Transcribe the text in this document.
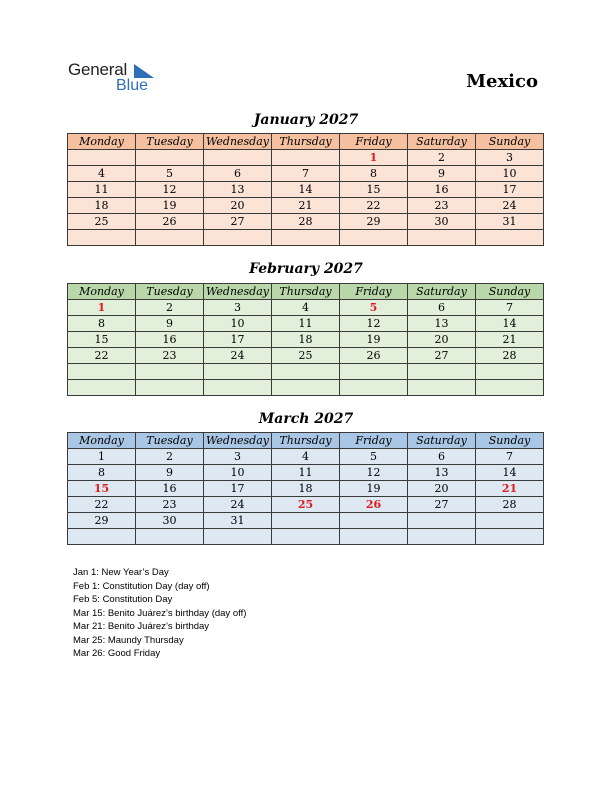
General
Blue	Mexico
January 2027
Monday	Tuesday	Wednesday	Thursday	Friday	Saturday	Sunday
				1	2	3
4	5	6	7	8	9	10
11	12	13	14	15	16	17
18	19	20	21	22	23	24
25	26	27	28	29	30	31

February 2027
Monday	Tuesday	Wednesday	Thursday	Friday	Saturday	Sunday
1	2	3	4	5	6	7
8	9	10	11	12	13	14
15	16	17	18	19	20	21
22	23	24	25	26	27	28

March 2027
Monday	Tuesday	Wednesday	Thursday	Friday	Saturday	Sunday
1	2	3	4	5	6	7
8	9	10	11	12	13	14
15	16	17	18	19	20	21
22	23	24	25	26	27	28
29	30	31				

Jan 1: New Year’s Day
Feb 1: Constitution Day (day off)
Feb 5: Constitution Day
Mar 15: Benito Juárez’s birthday (day off)
Mar 21: Benito Juárez’s birthday
Mar 25: Maundy Thursday
Mar 26: Good Friday
